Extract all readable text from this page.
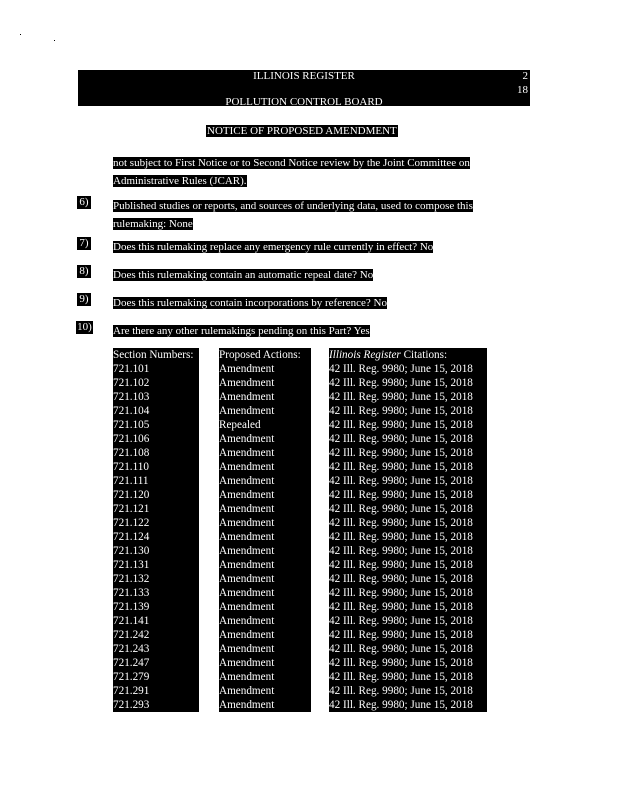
ILLINOIS REGISTER	2
18
POLLUTION CONTROL BOARD
NOTICE OF PROPOSED AMENDMENT
not subject to First Notice or to Second Notice review by the Joint Committee on Administrative Rules (JCAR).
6) Published studies or reports, and sources of underlying data, used to compose this rulemaking: None
7) Does this rulemaking replace any emergency rule currently in effect? No
8) Does this rulemaking contain an automatic repeal date? No
9) Does this rulemaking contain incorporations by reference? No
10) Are there any other rulemakings pending on this Part? Yes
Section Numbers:
721.101
721.102
721.103
721.104
721.105
721.106
721.108
721.110
721.111
721.120
721.121
721.122
721.124
721.130
721.131
721.132
721.133
721.139
721.141
721.242
721.243
721.247
721.279
721.291
721.293
Proposed Actions:
Amendment
Amendment
Amendment
Amendment
Repealed
Amendment
Amendment
Amendment
Amendment
Amendment
Amendment
Amendment
Amendment
Amendment
Amendment
Amendment
Amendment
Amendment
Amendment
Amendment
Amendment
Amendment
Amendment
Amendment
Amendment
Illinois Register Citations:
42 Ill. Reg. 9980; June 15, 2018
42 Ill. Reg. 9980; June 15, 2018
42 Ill. Reg. 9980; June 15, 2018
42 Ill. Reg. 9980; June 15, 2018
42 Ill. Reg. 9980; June 15, 2018
42 Ill. Reg. 9980; June 15, 2018
42 Ill. Reg. 9980; June 15, 2018
42 Ill. Reg. 9980; June 15, 2018
42 Ill. Reg. 9980; June 15, 2018
42 Ill. Reg. 9980; June 15, 2018
42 Ill. Reg. 9980; June 15, 2018
42 Ill. Reg. 9980; June 15, 2018
42 Ill. Reg. 9980; June 15, 2018
42 Ill. Reg. 9980; June 15, 2018
42 Ill. Reg. 9980; June 15, 2018
42 Ill. Reg. 9980; June 15, 2018
42 Ill. Reg. 9980; June 15, 2018
42 Ill. Reg. 9980; June 15, 2018
42 Ill. Reg. 9980; June 15, 2018
42 Ill. Reg. 9980; June 15, 2018
42 Ill. Reg. 9980; June 15, 2018
42 Ill. Reg. 9980; June 15, 2018
42 Ill. Reg. 9980; June 15, 2018
42 Ill. Reg. 9980; June 15, 2018
42 Ill. Reg. 9980; June 15, 2018
